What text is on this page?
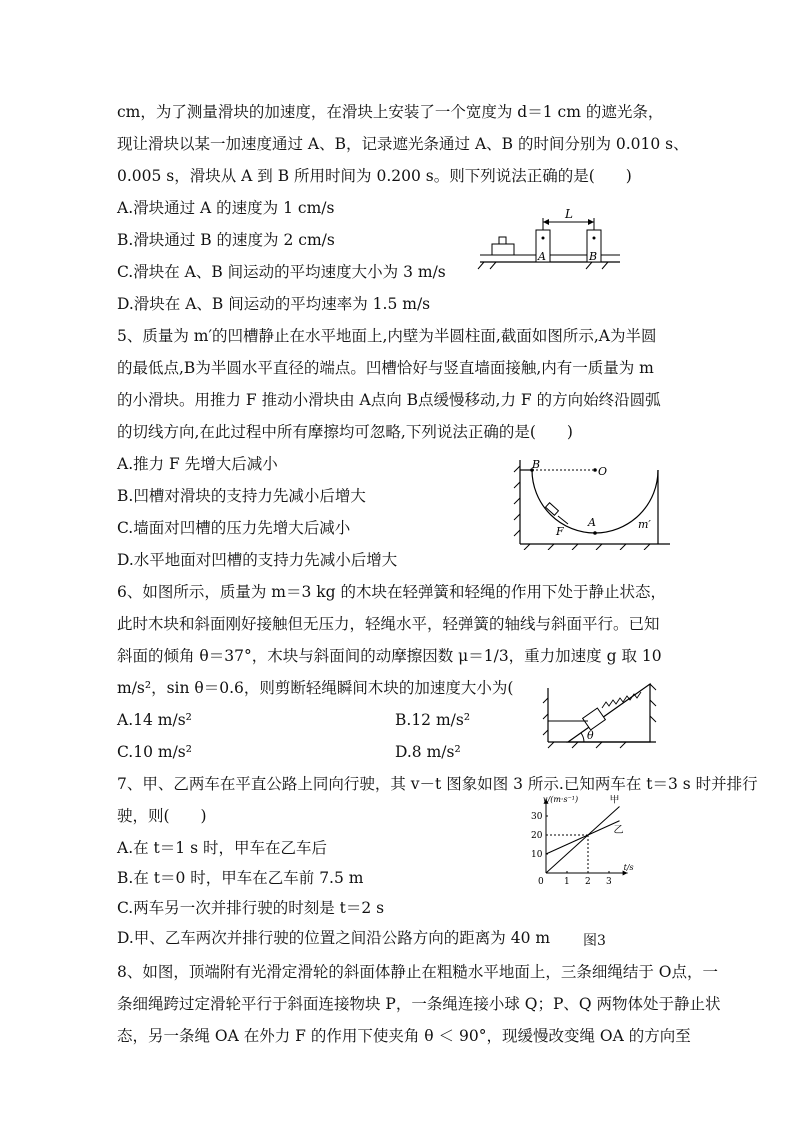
cm，为了测量滑块的加速度，在滑块上安装了一个宽度为 d＝1 cm 的遮光条，
现让滑块以某一加速度通过 A、B，记录遮光条通过 A、B 的时间分别为 0.010 s、
0.005 s，滑块从 A 到 B 所用时间为 0.200 s。则下列说法正确的是(　　)
A.滑块通过 A 的速度为 1 cm/s
B.滑块通过 B 的速度为 2 cm/s
C.滑块在 A、B 间运动的平均速度大小为 3 m/s
D.滑块在 A、B 间运动的平均速率为 1.5 m/s
L
A	B
5、质量为 m′的凹槽静止在水平地面上,内壁为半圆柱面,截面如图所示,A为半圆
的最低点,B为半圆水平直径的端点。凹槽恰好与竖直墙面接触,内有一质量为 m
的小滑块。用推力 F 推动小滑块由 A点向 B点缓慢移动,力 F 的方向始终沿圆弧
的切线方向,在此过程中所有摩擦均可忽略,下列说法正确的是(　　)
A.推力 F 先增大后减小
B.凹槽对滑块的支持力先减小后增大
C.墙面对凹槽的压力先增大后减小
D.水平地面对凹槽的支持力先减小后增大
B
O
F
A	m′
6、如图所示，质量为 m＝3 kg 的木块在轻弹簧和轻绳的作用下处于静止状态，
此时木块和斜面刚好接触但无压力，轻绳水平，轻弹簧的轴线与斜面平行。已知
斜面的倾角 θ＝37°，木块与斜面间的动摩擦因数 μ＝1/3，重力加速度 g 取 10
m/s²，sin θ＝0.6，则剪断轻绳瞬间木块的加速度大小为(
A.14 m/s²	B.12 m/s²
C.10 m/s²	D.8 m/s²
θ
7、甲、乙两车在平直公路上同向行驶，其 v－t 图象如图 3 所示.已知两车在 t＝3 s 时并排行
驶，则(　　)
A.在 t＝1 s 时，甲车在乙车后
B.在 t＝0 时，甲车在乙车前 7.5 m
C.两车另一次并排行驶的时刻是 t＝2 s
D.甲、乙车两次并排行驶的位置之间沿公路方向的距离为 40 m
0 1 2 3
10
20
30
v/(m·s⁻¹)
t/s
甲
乙
图3
8、如图，顶端附有光滑定滑轮的斜面体静止在粗糙水平地面上，三条细绳结于 O点，一
条细绳跨过定滑轮平行于斜面连接物块 P，一条绳连接小球 Q；P、Q 两物体处于静止状
态，另一条绳 OA 在外力 F 的作用下使夹角 θ ＜ 90°，现缓慢改变绳 OA 的方向至
